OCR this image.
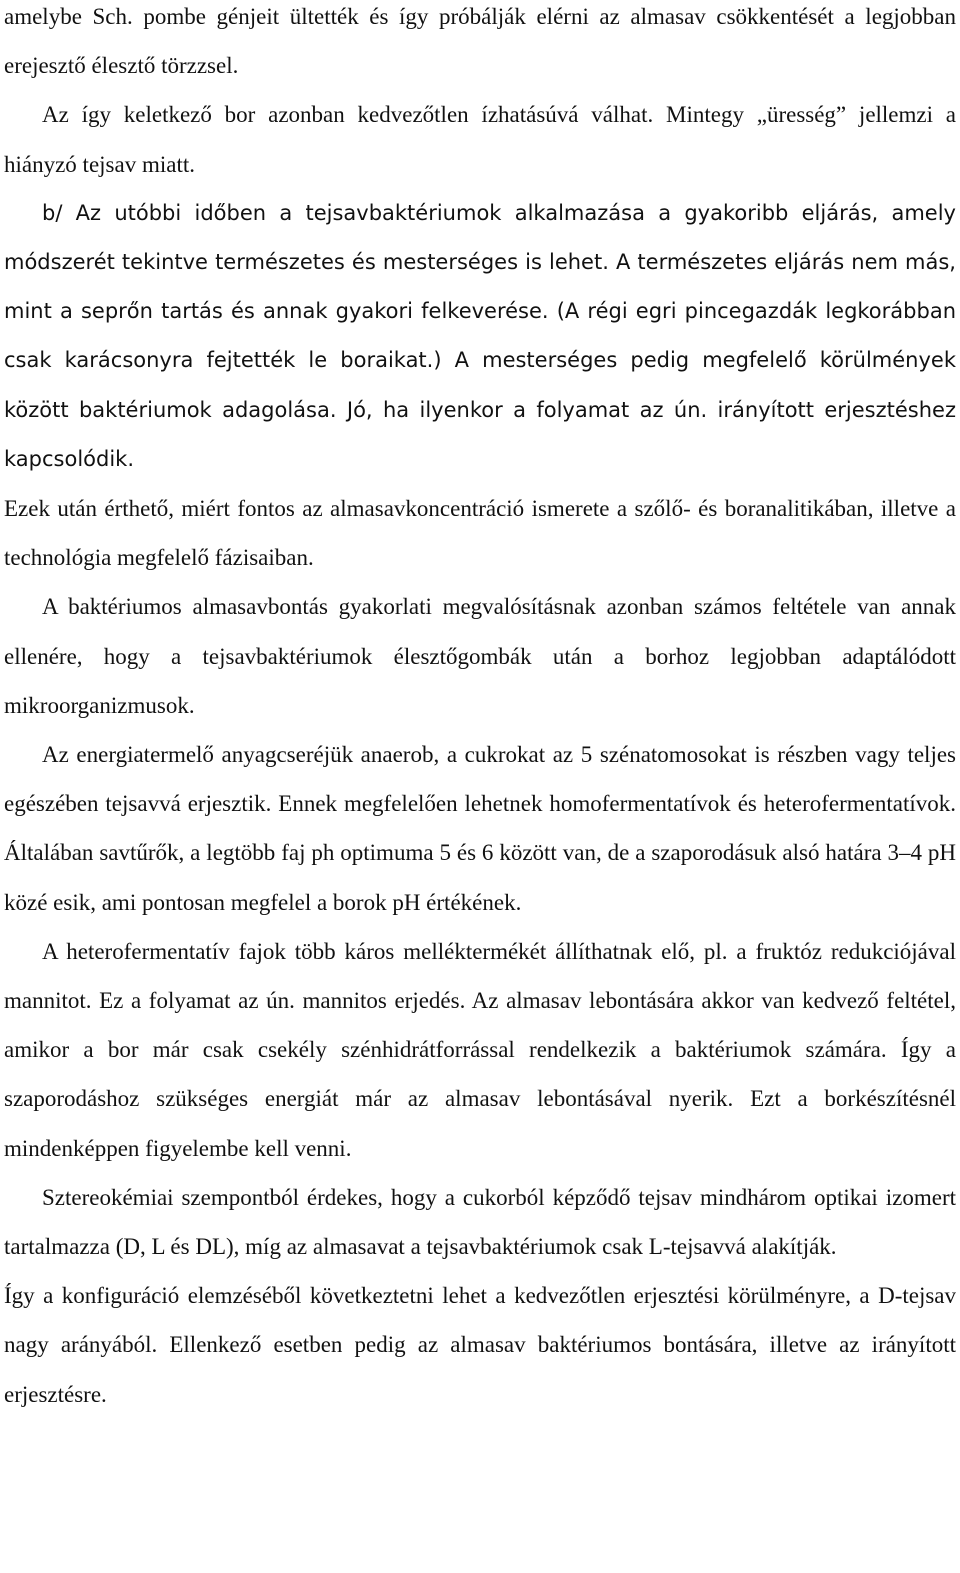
amelybe Sch. pombe génjeit ültették és így próbálják elérni az almasav csökkentését a legjobban erejesztő élesztő törzzsel.

Az így keletkező bor azonban kedvezőtlen ízhatásúvá válhat. Mintegy „üresség” jellemzi a hiányzó tejsav miatt.

b/ Az utóbbi időben a tejsavbaktériumok alkalmazása a gyakoribb eljárás, amely módszerét tekintve természetes és mesterséges is lehet. A természetes eljárás nem más, mint a seprőn tartás és annak gyakori felkeverése. (A régi egri pincegazdák legkorábban csak karácsonyra fejtették le boraikat.) A mesterséges pedig megfelelő körülmények között baktériumok adagolása. Jó, ha ilyenkor a folyamat az ún. irányított erjesztéshez kapcsolódik.

Ezek után érthető, miért fontos az almasavkoncentráció ismerete a szőlő- és boranalitikában, illetve a technológia megfelelő fázisaiban.

A baktériumos almasavbontás gyakorlati megvalósításnak azonban számos feltétele van annak ellenére, hogy a tejsavbaktériumok élesztőgombák után a borhoz legjobban adaptálódott mikroorganizmusok.

Az energiatermelő anyagcseréjük anaerob, a cukrokat az 5 szénatomosokat is részben vagy teljes egészében tejsavvá erjesztik. Ennek megfelelően lehetnek homofermentatívok és heterofermentatívok. Általában savtűrők, a legtöbb faj ph optimuma 5 és 6 között van, de a szaporodásuk alsó határa 3–4 pH közé esik, ami pontosan megfelel a borok pH értékének.

A heterofermentatív fajok több káros melléktermékét állíthatnak elő, pl. a fruktóz redukciójával mannitot. Ez a folyamat az ún. mannitos erjedés. Az almasav lebontására akkor van kedvező feltétel, amikor a bor már csak csekély szénhidrátforrással rendelkezik a baktériumok számára. Így a szaporodáshoz szükséges energiát már az almasav lebontásával nyerik. Ezt a borkészítésnél mindenképpen figyelembe kell venni.

Sztereokémiai szempontból érdekes, hogy a cukorból képződő tejsav mindhárom optikai izomert tartalmazza (D, L és DL), míg az almasavat a tejsavbaktériumok csak L-tejsavvá alakítják.

Így a konfiguráció elemzéséből következtetni lehet a kedvezőtlen erjesztési körülményre, a D-tejsav nagy arányából. Ellenkező esetben pedig az almasav baktériumos bontására, illetve az irányított erjesztésre.
